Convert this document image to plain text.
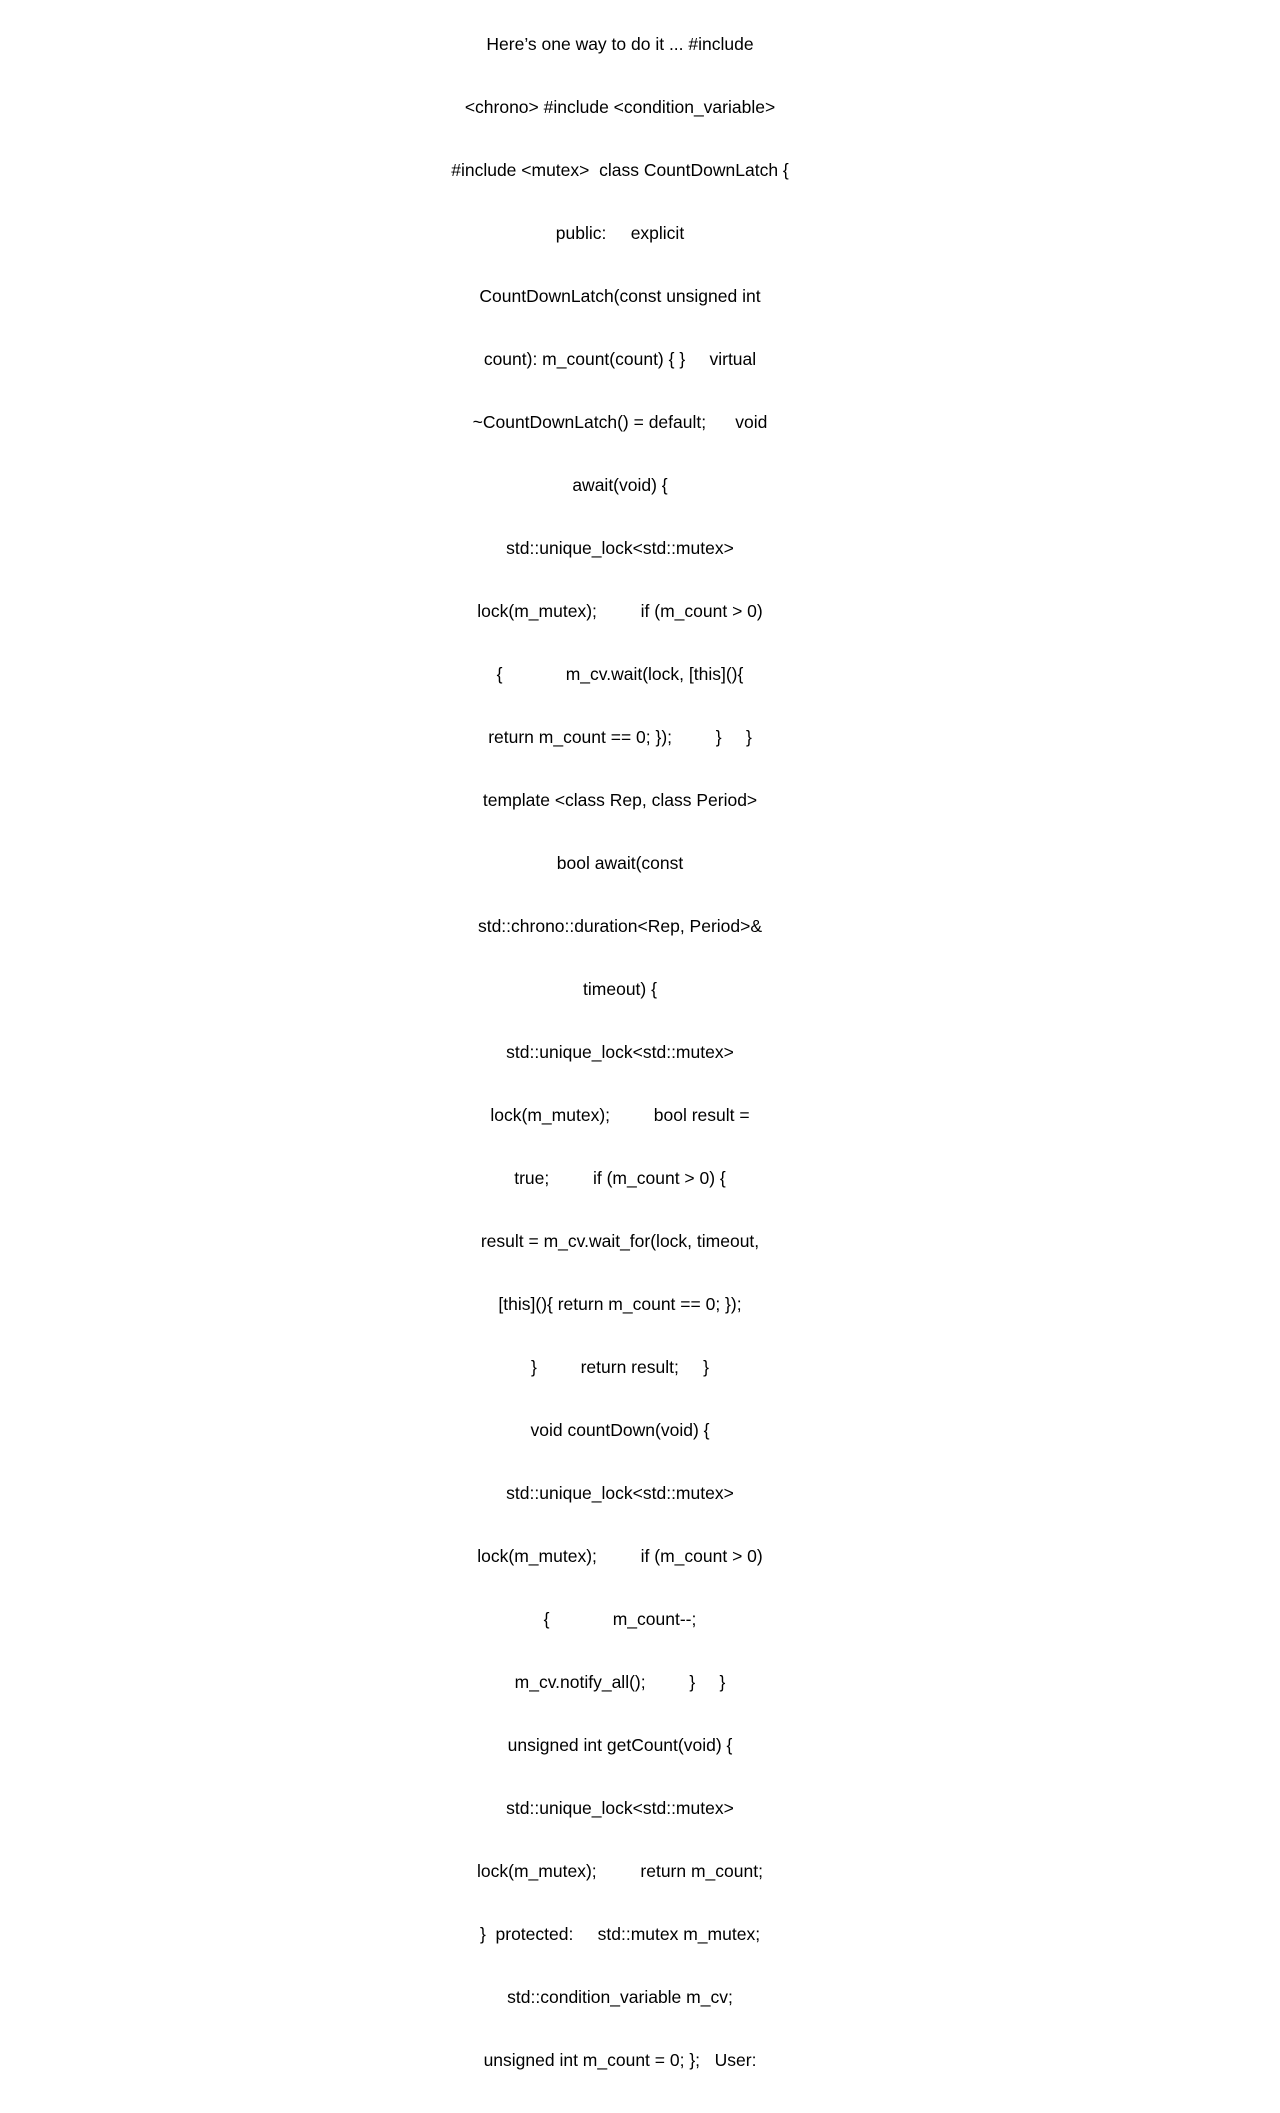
Here’s one way to do it ... #include

<chrono> #include <condition_variable>

#include <mutex>  class CountDownLatch {

public:     explicit

CountDownLatch(const unsigned int

count): m_count(count) { }     virtual

~CountDownLatch() = default;      void

await(void) {

std::unique_lock<std::mutex>

lock(m_mutex);         if (m_count > 0)

{             m_cv.wait(lock, [this](){

return m_count == 0; });         }     }

template <class Rep, class Period>

bool await(const

std::chrono::duration<Rep, Period>&

timeout) {

std::unique_lock<std::mutex>

lock(m_mutex);         bool result =

true;         if (m_count > 0) {

result = m_cv.wait_for(lock, timeout,

[this](){ return m_count == 0; });

}         return result;     }

void countDown(void) {

std::unique_lock<std::mutex>

lock(m_mutex);         if (m_count > 0)

{             m_count--;

m_cv.notify_all();         }     }

unsigned int getCount(void) {

std::unique_lock<std::mutex>

lock(m_mutex);         return m_count;

}  protected:     std::mutex m_mutex;

std::condition_variable m_cv;

unsigned int m_count = 0; };   User:
